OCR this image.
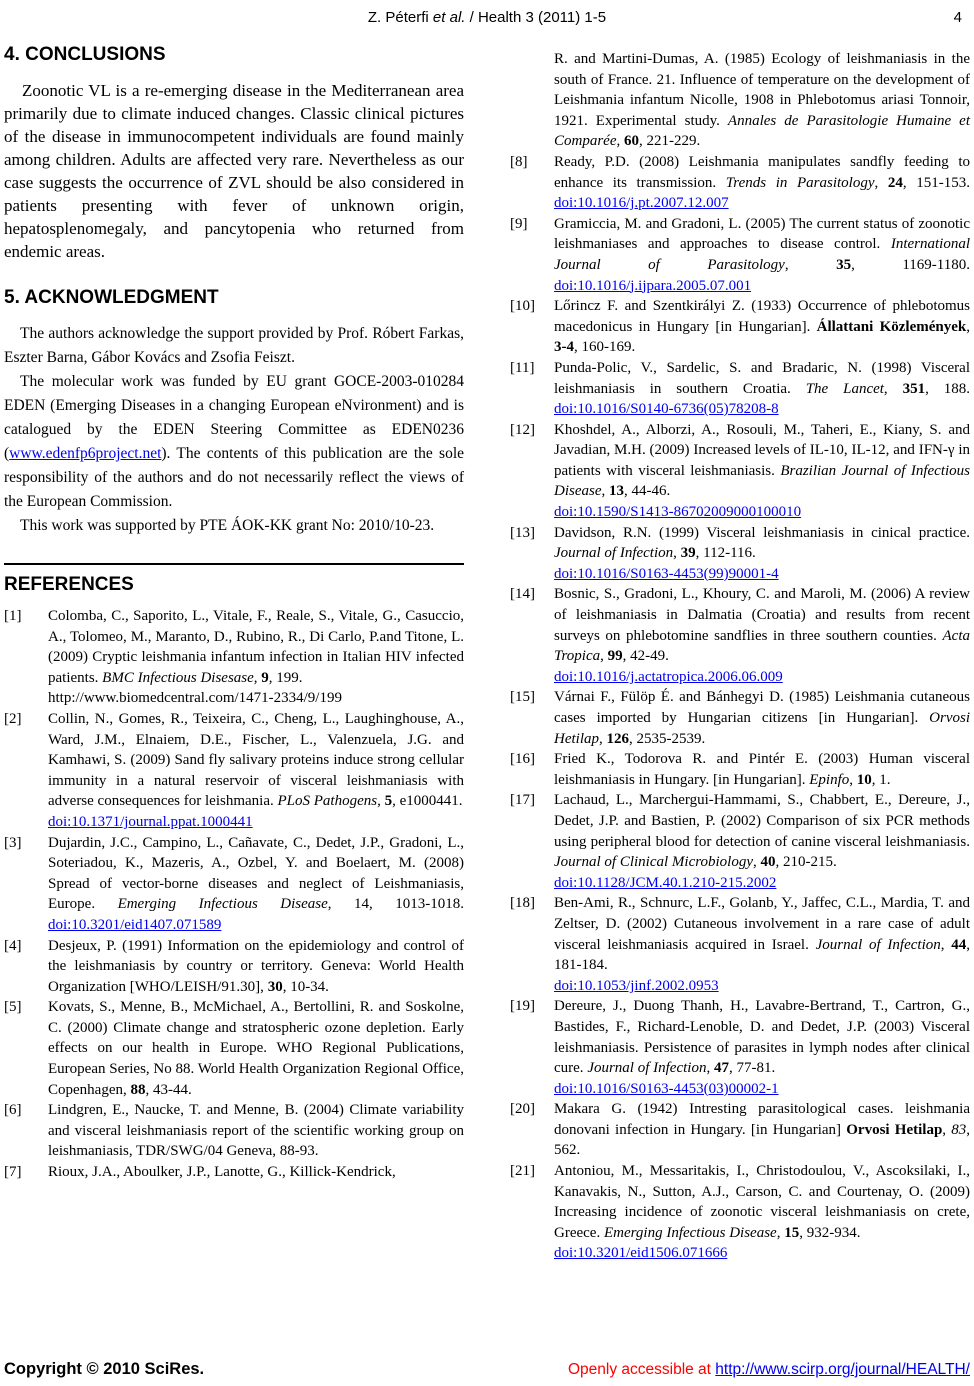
Z. Péterfi et al. / Health 3 (2011) 1-5	4
4. CONCLUSIONS

Zoonotic VL is a re-emerging disease in the Mediterranean area primarily due to climate induced changes. Classic clinical pictures of the disease in immunocompetent individuals are found mainly among children. Adults are affected very rare. Nevertheless as our case suggests the occurrence of ZVL should be also considered in patients presenting with fever of unknown origin, hepatosplenomegaly, and pancytopenia who returned from endemic areas.

5. ACKNOWLEDGMENT

The authors acknowledge the support provided by Prof. Róbert Farkas, Eszter Barna, Gábor Kovács and Zsofia Feiszt.

The molecular work was funded by EU grant GOCE-2003-010284 EDEN (Emerging Diseases in a changing European eNvironment) and is catalogued by the EDEN Steering Committee as EDEN0236 (www.edenfp6project.net). The contents of this publication are the sole responsibility of the authors and do not necessarily reflect the views of the European Commission.

This work was supported by PTE ÁOK-KK grant No: 2010/10-23.

REFERENCES
[1]	Colomba, C., Saporito, L., Vitale, F., Reale, S., Vitale, G., Casuccio, A., Tolomeo, M., Maranto, D., Rubino, R., Di Carlo, P.and Titone, L. (2009) Cryptic leishmania infantum infection in Italian HIV infected patients. BMC Infectious Disesase, 9, 199.
http://www.biomedcentral.com/1471-2334/9/199
[2]	Collin, N., Gomes, R., Teixeira, C., Cheng, L., Laughinghouse, A., Ward, J.M., Elnaiem, D.E., Fischer, L., Valenzuela, J.G. and Kamhawi, S. (2009) Sand fly salivary proteins induce strong cellular immunity in a natural reservoir of visceral leishmaniasis with adverse consequences for leishmania. PLoS Pathogens, 5, e1000441.
doi:10.1371/journal.ppat.1000441
[3]	Dujardin, J.C., Campino, L., Cañavate, C., Dedet, J.P., Gradoni, L., Soteriadou, K., Mazeris, A., Ozbel, Y. and Boelaert, M. (2008) Spread of vector-borne diseases and neglect of Leishmaniasis, Europe. Emerging Infectious Disease, 14, 1013-1018. doi:10.3201/eid1407.071589
[4]	Desjeux, P. (1991) Information on the epidemiology and control of the leishmaniasis by country or territory. Geneva: World Health Organization [WHO/LEISH/91.30], 30, 10-34.
[5]	Kovats, S., Menne, B., McMichael, A., Bertollini, R. and Soskolne, C. (2000) Climate change and stratospheric ozone depletion. Early effects on our health in Europe. WHO Regional Publications, European Series, No 88. World Health Organization Regional Office, Copenhagen, 88, 43-44.
[6]	Lindgren, E., Naucke, T. and Menne, B. (2004) Climate variability and visceral leishmaniasis report of the scientific working group on leishmaniasis, TDR/SWG/04 Geneva, 88-93.
[7]	Rioux, J.A., Aboulker, J.P., Lanotte, G., Killick-Kendrick,
R. and Martini-Dumas, A. (1985) Ecology of leishmaniasis in the south of France. 21. Influence of temperature on the development of Leishmania infantum Nicolle, 1908 in Phlebotomus ariasi Tonnoir, 1921. Experimental study. Annales de Parasitologie Humaine et Comparée, 60, 221-229.
[8]	Ready, P.D. (2008) Leishmania manipulates sandfly feeding to enhance its transmission. Trends in Parasitology, 24, 151-153. doi:10.1016/j.pt.2007.12.007
[9]	Gramiccia, M. and Gradoni, L. (2005) The current status of zoonotic leishmaniases and approaches to disease control. International Journal of Parasitology, 35, 1169-1180. doi:10.1016/j.ijpara.2005.07.001
[10]	Lőrincz F. and Szentkirályi Z. (1933) Occurrence of phlebotomus macedonicus in Hungary [in Hungarian]. Állattani Közlemények, 3-4, 160-169.
[11]	Punda-Polic, V., Sardelic, S. and Bradaric, N. (1998) Visceral leishmaniasis in southern Croatia. The Lancet, 351, 188. doi:10.1016/S0140-6736(05)78208-8
[12]	Khoshdel, A., Alborzi, A., Rosouli, M., Taheri, E., Kiany, S. and Javadian, M.H. (2009) Increased levels of IL-10, IL-12, and IFN-γ in patients with visceral leishmaniasis. Brazilian Journal of Infectious Disease, 13, 44-46.
doi:10.1590/S1413-86702009000100010
[13]	Davidson, R.N. (1999) Visceral leishmaniasis in cinical practice. Journal of Infection, 39, 112-116.
doi:10.1016/S0163-4453(99)90001-4
[14]	Bosnic, S., Gradoni, L., Khoury, C. and Maroli, M. (2006) A review of leishmaniasis in Dalmatia (Croatia) and results from recent surveys on phlebotomine sandflies in three southern counties. Acta Tropica, 99, 42-49.
doi:10.1016/j.actatropica.2006.06.009
[15]	Várnai F., Fülöp É. and Bánhegyi D. (1985) Leishmania cutaneous cases imported by Hungarian citizens [in Hungarian]. Orvosi Hetilap, 126, 2535-2539.
[16]	Fried K., Todorova R. and Pintér E. (2003) Human visceral leishmaniasis in Hungary. [in Hungarian]. Epinfo, 10, 1.
[17]	Lachaud, L., Marchergui-Hammami, S., Chabbert, E., Dereure, J., Dedet, J.P. and Bastien, P. (2002) Comparison of six PCR methods using peripheral blood for detection of canine visceral leishmaniasis. Journal of Clinical Microbiology, 40, 210-215.
doi:10.1128/JCM.40.1.210-215.2002
[18]	Ben-Ami, R., Schnurc, L.F., Golanb, Y., Jaffec, C.L., Mardia, T. and Zeltser, D. (2002) Cutaneous involvement in a rare case of adult visceral leishmaniasis acquired in Israel. Journal of Infection, 44, 181-184.
doi:10.1053/jinf.2002.0953
[19]	Dereure, J., Duong Thanh, H., Lavabre-Bertrand, T., Cartron, G., Bastides, F., Richard-Lenoble, D. and Dedet, J.P. (2003) Visceral leishmaniasis. Persistence of parasites in lymph nodes after clinical cure. Journal of Infection, 47, 77-81.
doi:10.1016/S0163-4453(03)00002-1
[20]	Makara G. (1942) Intresting parasitological cases. leishmania donovani infection in Hungary. [in Hungarian] Orvosi Hetilap, 83, 562.
[21]	Antoniou, M., Messaritakis, I., Christodoulou, V., Ascoksilaki, I., Kanavakis, N., Sutton, A.J., Carson, C. and Courtenay, O. (2009) Increasing incidence of zoonotic visceral leishmaniasis on crete, Greece. Emerging Infectious Disease, 15, 932-934.
doi:10.3201/eid1506.071666
Copyright © 2010 SciRes.	Openly accessible at http://www.scirp.org/journal/HEALTH/
